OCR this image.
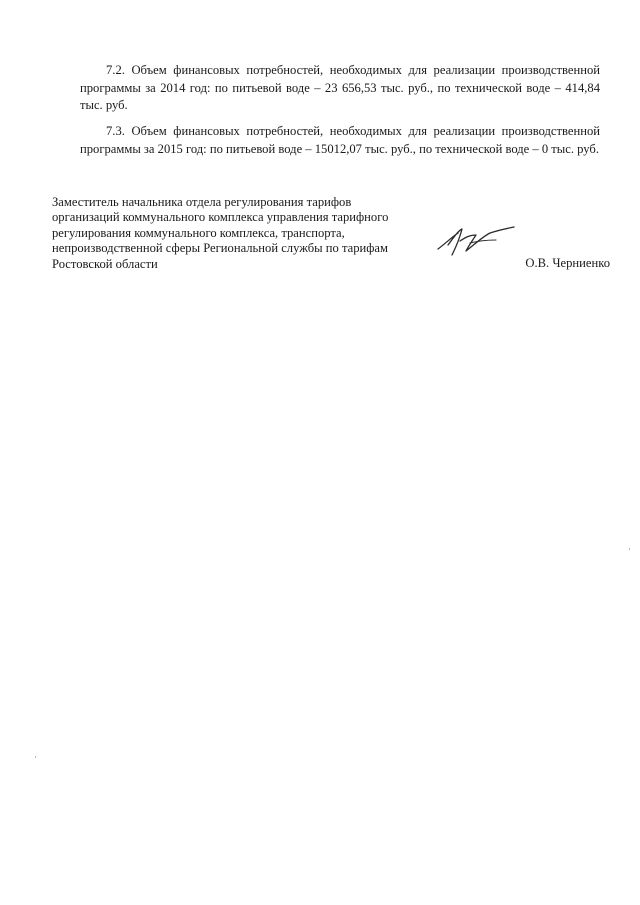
7.2. Объем финансовых потребностей, необходимых для реализации производственной программы за 2014 год: по питьевой воде – 23 656,53 тыс. руб., по технической воде – 414,84 тыс. руб.

7.3. Объем финансовых потребностей, необходимых для реализации производственной программы за 2015 год: по питьевой воде – 15012,07 тыс. руб., по технической воде – 0 тыс. руб.

Заместитель начальника отдела регулирования тарифов
организаций коммунального комплекса управления тарифного
регулирования коммунального комплекса, транспорта,
непроизводственной сферы Региональной службы по тарифам
Ростовской области	О.В. Черниенко
